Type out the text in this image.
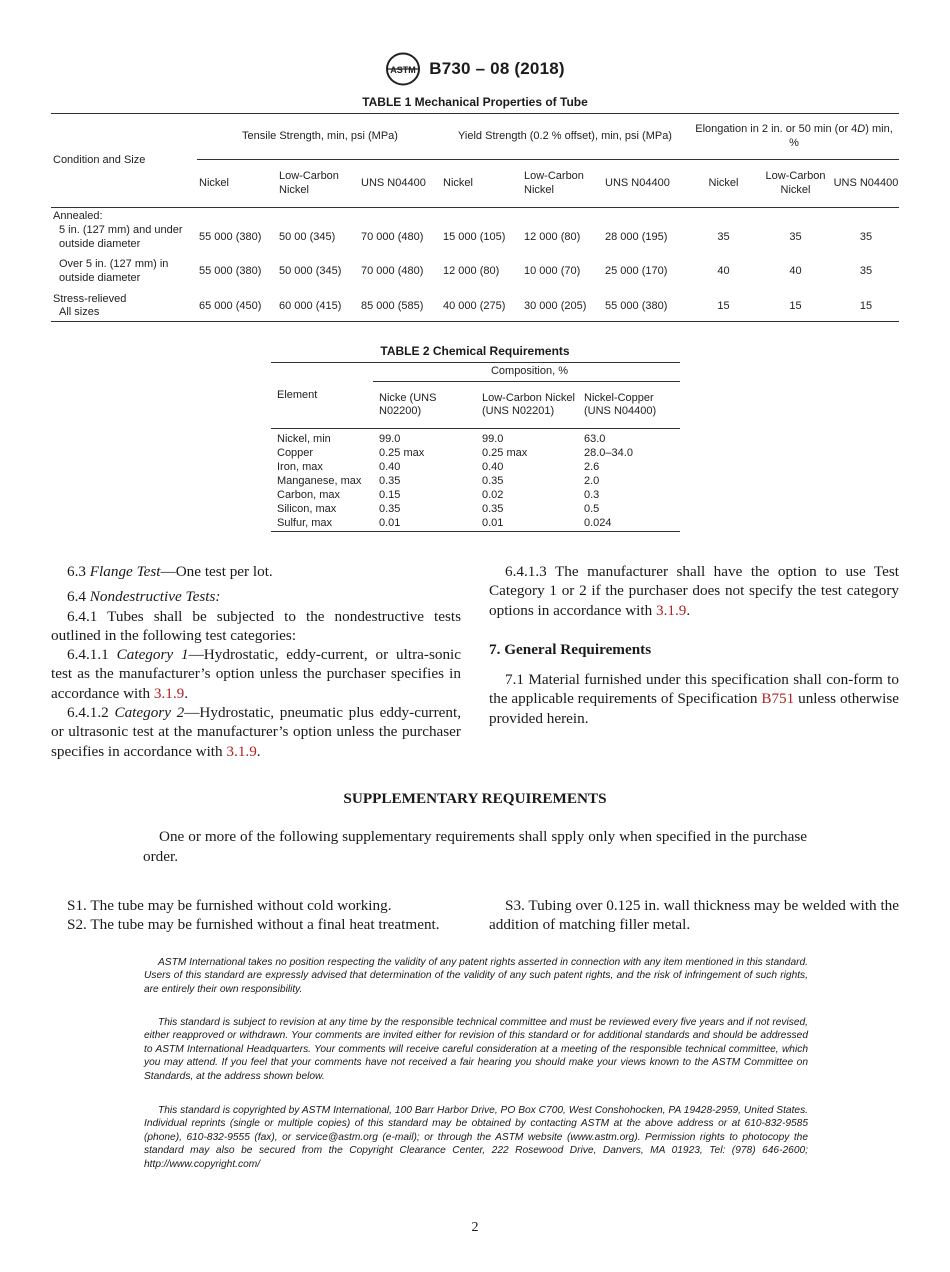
ASTM B730 – 08 (2018)
TABLE 1 Mechanical Properties of Tube
Condition and Size	Tensile Strength, min, psi (MPa)			Yield Strength (0.2 % offset), min, psi (MPa)			Elongation in 2 in. or 50 min (or 4D) min, %		
	Nickel	Low-Carbon Nickel	UNS N04400	Nickel	Low-Carbon Nickel	UNS N04400	Nickel	Low-Carbon Nickel	UNS N04400
Annealed:									
5 in. (127 mm) and under outside diameter	55 000 (380)	50 00 (345)	70 000 (480)	15 000 (105)	12 000 (80)	28 000 (195)	35	35	35
Over 5 in. (127 mm) in outside diameter	55 000 (380)	50 000 (345)	70 000 (480)	12 000 (80)	10 000 (70)	25 000 (170)	40	40	35

Stress-relieved
All sizes	65 000 (450)	60 000 (415)	85 000 (585)	40 000 (275)	30 000 (205)	55 000 (380)	15	15	15
TABLE 2 Chemical Requirements
Element	Composition, %		
	Nicke (UNS N02200)	Low-Carbon Nickel (UNS N02201)	Nickel-Copper (UNS N04400)

Nickel, min	99.0	99.0	63.0
Copper	0.25 max	0.25 max	28.0–34.0
Iron, max	0.40	0.40	2.6
Manganese, max	0.35	0.35	2.0
Carbon, max	0.15	0.02	0.3
Silicon, max	0.35	0.35	0.5
Sulfur, max	0.01	0.01	0.024

6.3 Flange Test—One test per lot.

6.4 Nondestructive Tests:

6.4.1 Tubes shall be subjected to the nondestructive tests outlined in the following test categories:

6.4.1.1 Category 1—Hydrostatic, eddy-current, or ultra-sonic test as the manufacturer’s option unless the purchaser specifies in accordance with 3.1.9.

6.4.1.2 Category 2—Hydrostatic, pneumatic plus eddy-current, or ultrasonic test at the manufacturer’s option unless the purchaser specifies in accordance with 3.1.9.

6.4.1.3 The manufacturer shall have the option to use Test Category 1 or 2 if the purchaser does not specify the test category options in accordance with 3.1.9.

7. General Requirements

7.1 Material furnished under this specification shall con-form to the applicable requirements of Specification B751 unless otherwise provided herein.

SUPPLEMENTARY REQUIREMENTS
One or more of the following supplementary requirements shall spply only when specified in the purchase order.

S1. The tube may be furnished without cold working.

S2. The tube may be furnished without a final heat treatment.

S3. Tubing over 0.125 in. wall thickness may be welded with the addition of matching filler metal.

ASTM International takes no position respecting the validity of any patent rights asserted in connection with any item mentioned in this standard. Users of this standard are expressly advised that determination of the validity of any such patent rights, and the risk of infringement of such rights, are entirely their own responsibility.
This standard is subject to revision at any time by the responsible technical committee and must be reviewed every five years and if not revised, either reapproved or withdrawn. Your comments are invited either for revision of this standard or for additional standards and should be addressed to ASTM International Headquarters. Your comments will receive careful consideration at a meeting of the responsible technical committee, which you may attend. If you feel that your comments have not received a fair hearing you should make your views known to the ASTM Committee on Standards, at the address shown below.
This standard is copyrighted by ASTM International, 100 Barr Harbor Drive, PO Box C700, West Conshohocken, PA 19428-2959, United States. Individual reprints (single or multiple copies) of this standard may be obtained by contacting ASTM at the above address or at 610-832-9585 (phone), 610-832-9555 (fax), or service@astm.org (e-mail); or through the ASTM website (www.astm.org). Permission rights to photocopy the standard may also be secured from the Copyright Clearance Center, 222 Rosewood Drive, Danvers, MA 01923, Tel: (978) 646-2600; http://www.copyright.com/
2
